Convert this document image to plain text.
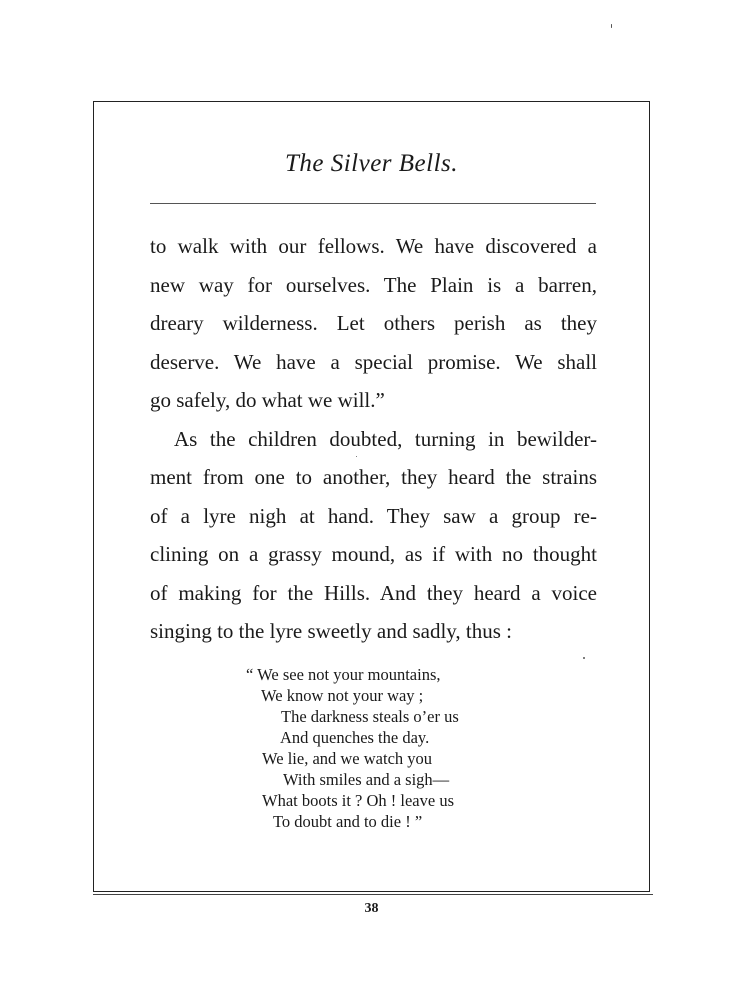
The Silver Bells.
to walk with our fellows. We have discovered a
new way for ourselves. The Plain is a barren,
dreary wilderness. Let others perish as they
deserve. We have a special promise. We shall
go safely, do what we will.”
As the children doubted, turning in bewilder-
ment from one to another, they heard the strains
of a lyre nigh at hand. They saw a group re-
clining on a grassy mound, as if with no thought
of making for the Hills. And they heard a voice
singing to the lyre sweetly and sadly, thus :
“ We see not your mountains,
We know not your way ;
The darkness steals o’er us
And quenches the day.
We lie, and we watch you
With smiles and a sigh—
What boots it ? Oh ! leave us
To doubt and to die ! ”
38
